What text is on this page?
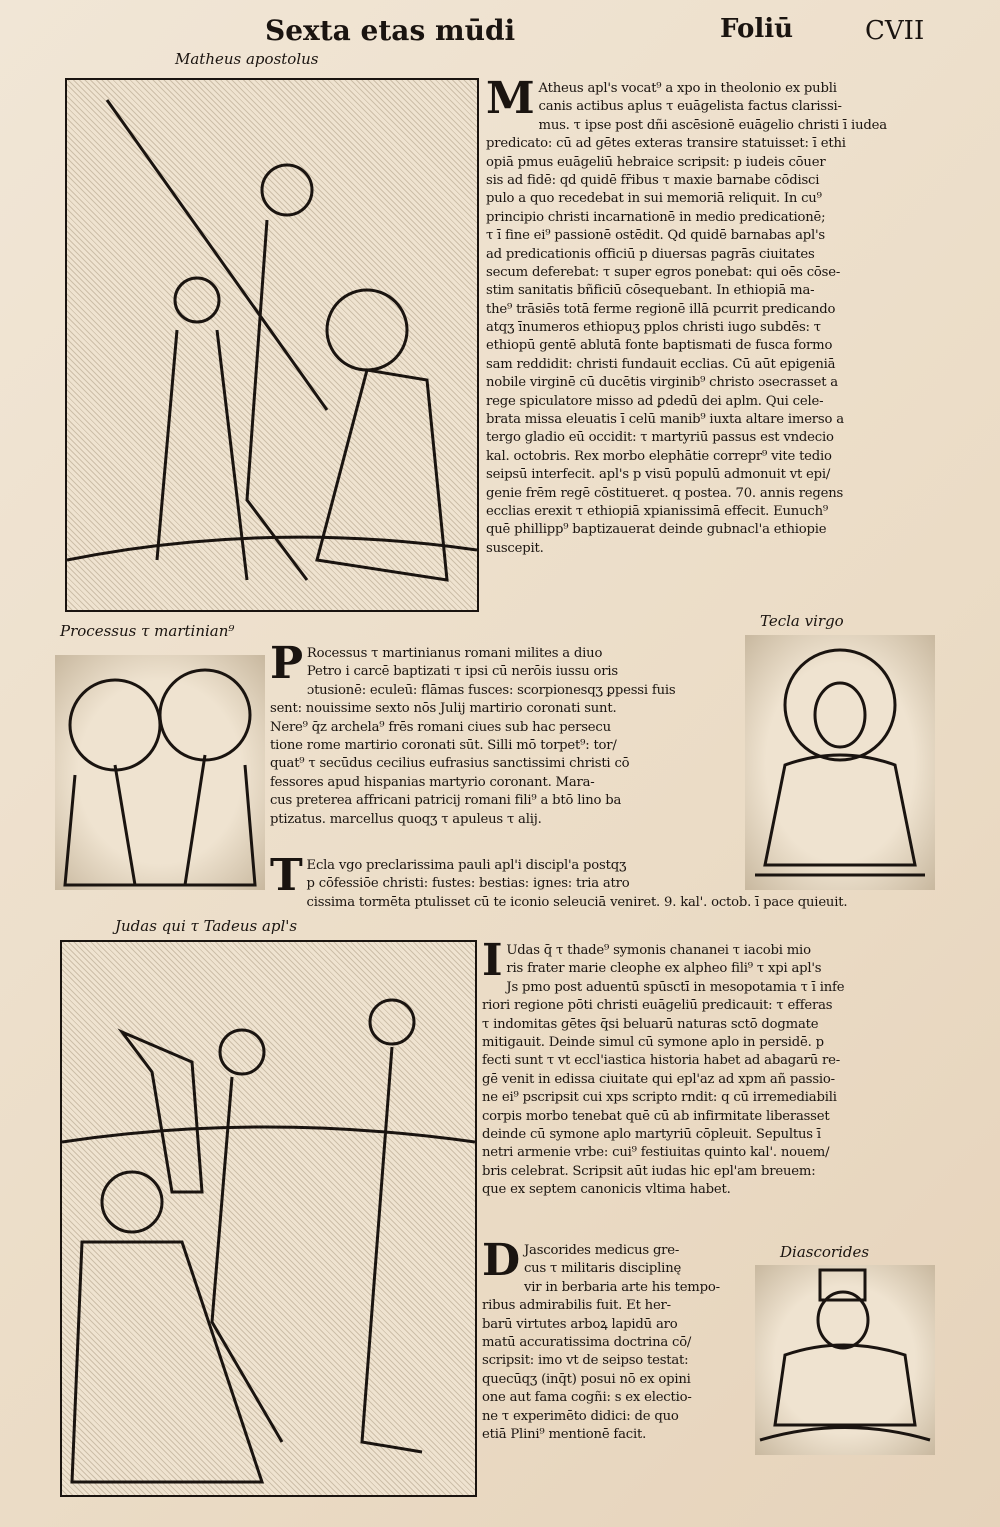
Sexta etas mūdi	Foliū	CVII
Matheus apostolus
M Atheus apl's vocat⁹ a xpo in theolonio ex publi
canis actibus aplus τ euāgelista factus clarissi-
mus. τ ipse post dñi ascēsionē euāgelio christi ī iudea
predicato: cū ad gētes exteras transire statuisset: ī ethi
opiā pmus euāgeliū hebraice scripsit: p iudeis cōuer
sis ad fidē: qd quidē fr̄ibus τ maxie barnabe cōdisci
pulo a quo recedebat in sui memoriā reliquit. In cu⁹
principio christi incarnationē in medio predicationē;
τ ī fine ei⁹ passionē ostēdit. Qd quidē barnabas apl's
ad predicationis officiū p diuersas pagrās ciuitates
secum deferebat: τ super egros ponebat: qui oēs cōse-
stim sanitatis bñficiū cōsequebant. In ethiopiā ma-
the⁹ trāsiēs totā ferme regionē illā pcurrit predicando
atqʒ īnumeros ethiopuʒ pplos christi iugo subdēs: τ
ethiopū gentē ablutā fonte baptismati de fusca formo
sam reddidit: christi fundauit ecclias. Cū aūt epigeniā
nobile virginē cū ducētis virginib⁹ christo ɔsecrasset a
rege spiculatore misso ad ꝑdedū dei aplm. Qui cele-
brata missa eleuatis ī celū manib⁹ iuxta altare imerso a
tergo gladio eū occidit: τ martyriū passus est vndecio
kal. octobris. Rex morbo elephātie correpr⁹ vite tedio
seipsū interfecit. apl's p visū populū admonuit vt epi/
genie frēm regē cōstitueret. q postea. 70. annis regens
ecclias erexit τ ethiopiā xpianissimā effecit. Eunuch⁹
quē phillipp⁹ baptizauerat deinde gubnacl'a ethiopie
suscepit.
Processus τ martinian⁹
P Rocessus τ martinianus romani milites a diuo
Petro i carcē baptizati τ ipsi cū nerōis iussu oris
ɔtusionē: eculeū: flāmas fusces: scorpionesqʒ ꝑpessi fuis
sent: nouissime sexto nōs Julij martirio coronati sunt.
Nere⁹ q̄z archela⁹ frēs romani ciues sub hac persecu
tione rome martirio coronati sūt. Silli mō torpet⁹: tor/
quat⁹ τ secūdus cecilius eufrasius sanctissimi christi cō
fessores apud hispanias martyrio coronant. Mara-
cus preterea affricani patricij romani fili⁹ a btō lino ba
ptizatus. marcellus quoqʒ τ apuleus τ alij.
Tecla virgo
T Ecla vgo preclarissima pauli apl'i discipl'a postqʒ
p cōfessiōe christi: fustes: bestias: ignes: tria atro
cissima tormēta ptulisset cū te iconio seleuciā veniret. 9. kal'. octob. ī pace quieuit.
Judas qui τ Tadeus apl's
I Udas q̄ τ thade⁹ symonis chananei τ iacobi mio
ris frater marie cleophe ex alpheo fili⁹ τ xpi apl's
Js pmo post aduentū spūsctī in mesopotamia τ ī infe
riori regione pōti christi euāgeliū predicauit: τ efferas
τ indomitas gētes q̄si beluarū naturas sctō dogmate
mitigauit. Deinde simul cū symone aplo in persidē. p
fecti sunt τ vt eccl'iastica historia habet ad abagarū re-
gē venit in edissa ciuitate qui epl'az ad xpm añ passio-
ne ei⁹ pscripsit cui xps scripto rndit: q cū irremediabili
corpis morbo tenebat quē cū ab infirmitate liberasset
deinde cū symone aplo martyriū cōpleuit. Sepultus ī
netri armenie vrbe: cui⁹ festiuitas quinto kal'. nouem/
bris celebrat. Scripsit aūt iudas hic epl'am breuem:
que ex septem canonicis vltima habet.
Diascorides
D Jascorides medicus gre-
cus τ militaris disciplinę
vir in berbaria arte his tempo-
ribus admirabilis fuit. Et her-
barū virtutes arboꝝ lapidū aro
matū accuratissima doctrina cō/
scripsit: imo vt de seipso testat:
quecūqʒ (inq̄t) posui nō ex opini
one aut fama cogñi: s ex electio-
ne τ experimēto didici: de quo
etiā Plini⁹ mentionē facit.
